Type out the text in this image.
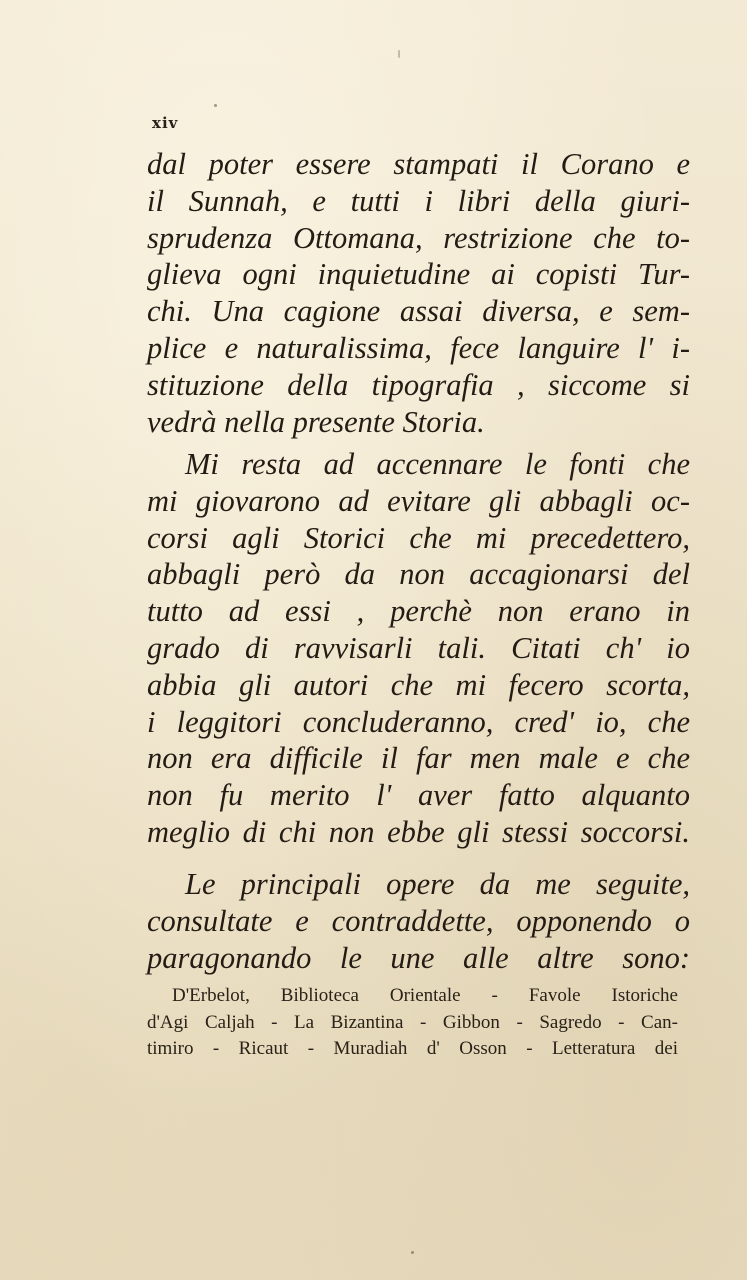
xiv
dal poter essere stampati il Corano e
il Sunnah, e tutti i libri della giuri-
sprudenza Ottomana, restrizione che to-
glieva ogni inquietudine ai copisti Tur-
chi. Una cagione assai diversa, e sem-
plice e naturalissima, fece languire l' i-
stituzione della tipografia , siccome si
vedrà nella presente Storia.
Mi resta ad accennare le fonti che
mi giovarono ad evitare gli abbagli oc-
corsi agli Storici che mi precedettero,
abbagli però da non accagionarsi del
tutto ad essi , perchè non erano in
grado di ravvisarli tali. Citati ch' io
abbia gli autori che mi fecero scorta,
i leggitori concluderanno, cred' io, che
non era difficile il far men male e che
non fu merito l' aver fatto alquanto
meglio di chi non ebbe gli stessi soccorsi.
Le principali opere da me seguite,
consultate e contraddette, opponendo o
paragonando le une alle altre sono:
D'Erbelot, Biblioteca Orientale - Favole Istoriche
d'Agi Caljah - La Bizantina - Gibbon - Sagredo - Can-
timiro - Ricaut - Muradiah d' Osson - Letteratura dei
